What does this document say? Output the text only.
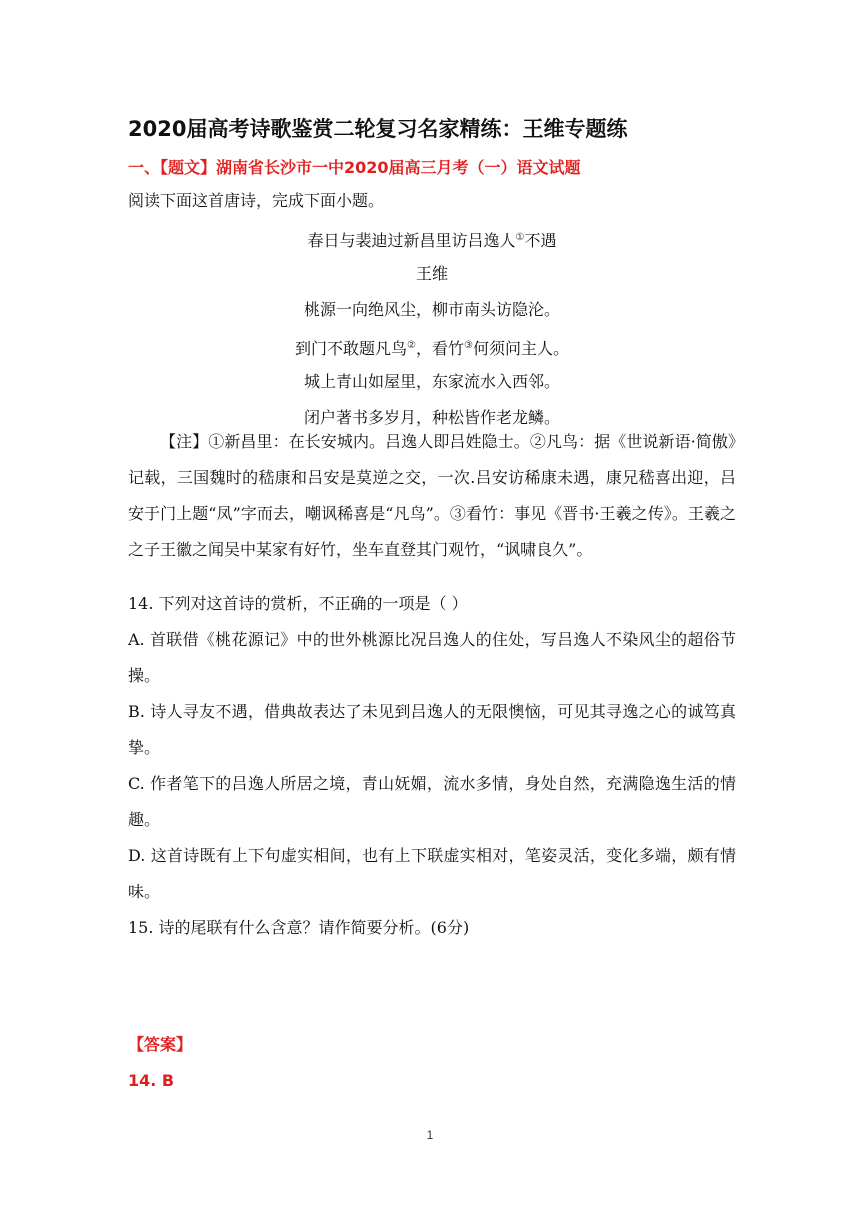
2020届高考诗歌鉴赏二轮复习名家精练：王维专题练
一、【题文】湖南省长沙市一中2020届高三月考（一）语文试题
阅读下面这首唐诗，完成下面小题。
春日与裴迪过新昌里访吕逸人①不遇
王维
桃源一向绝风尘，柳市南头访隐沦。
到门不敢题凡鸟②，看竹③何须问主人。
城上青山如屋里，东家流水入西邻。
闭户著书多岁月，种松皆作老龙鳞。
【注】①新昌里：在长安城内。吕逸人即吕姓隐士。②凡鸟：据《世说新语·简傲》记载，三国魏时的嵇康和吕安是莫逆之交，一次.吕安访稀康未遇，康兄嵇喜出迎，吕安于门上题“凤”字而去，嘲讽稀喜是“凡鸟”。③看竹：事见《晋书·王羲之传》。王羲之之子王徽之闻吴中某家有好竹，坐车直登其门观竹，“讽啸良久”。
14. 下列对这首诗的赏析，不正确的一项是（ ）
A. 首联借《桃花源记》中的世外桃源比况吕逸人的住处，写吕逸人不染风尘的超俗节操。
B. 诗人寻友不遇，借典故表达了未见到吕逸人的无限懊恼，可见其寻逸之心的诚笃真挚。
C. 作者笔下的吕逸人所居之境，青山妩媚，流水多情，身处自然，充满隐逸生活的情趣。
D. 这首诗既有上下句虚实相间，也有上下联虚实相对，笔姿灵活，变化多端，颇有情味。
15. 诗的尾联有什么含意？请作简要分析。(6分)
【答案】
14. B
1
